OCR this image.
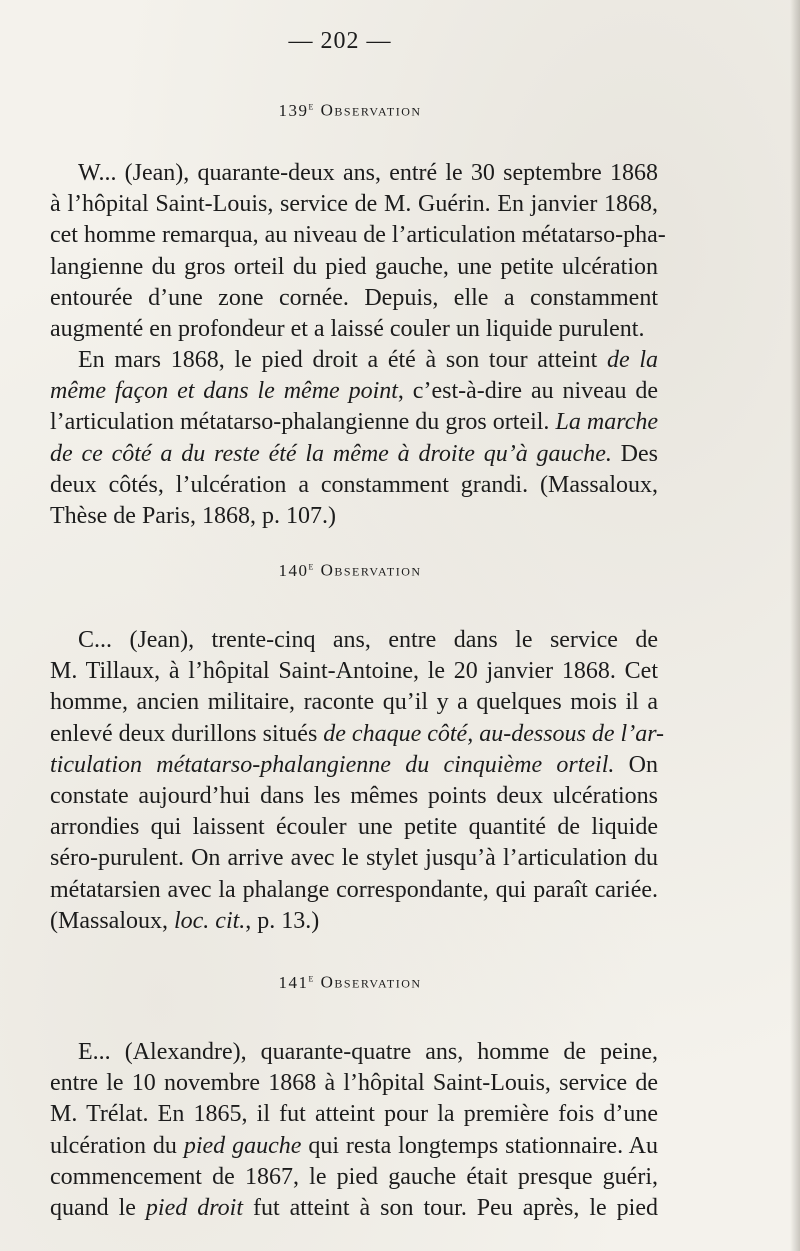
— 202 —
139e Observation
W... (Jean), quarante-deux ans, entré le 30 septembre 1868
à l’hôpital Saint-Louis, service de M. Guérin. En janvier 1868,
cet homme remarqua, au niveau de l’articulation métatarso-pha-
langienne du gros orteil du pied gauche, une petite ulcération
entourée d’une zone cornée. Depuis, elle a constamment
augmenté en profondeur et a laissé couler un liquide purulent.
En mars 1868, le pied droit a été à son tour atteint de la
même façon et dans le même point, c’est-à-dire au niveau de
l’articulation métatarso-phalangienne du gros orteil. La marche
de ce côté a du reste été la même à droite qu’à gauche. Des
deux côtés, l’ulcération a constamment grandi. (Massaloux,
Thèse de Paris, 1868, p. 107.)
140e Observation
C... (Jean), trente-cinq ans, entre dans le service de
M. Tillaux, à l’hôpital Saint-Antoine, le 20 janvier 1868. Cet
homme, ancien militaire, raconte qu’il y a quelques mois il a
enlevé deux durillons situés de chaque côté, au-dessous de l’ar-
ticulation métatarso-phalangienne du cinquième orteil. On
constate aujourd’hui dans les mêmes points deux ulcérations
arrondies qui laissent écouler une petite quantité de liquide
séro-purulent. On arrive avec le stylet jusqu’à l’articulation du
métatarsien avec la phalange correspondante, qui paraît cariée.
(Massaloux, loc. cit., p. 13.)
141e Observation
E... (Alexandre), quarante-quatre ans, homme de peine,
entre le 10 novembre 1868 à l’hôpital Saint-Louis, service de
M. Trélat. En 1865, il fut atteint pour la première fois d’une
ulcération du pied gauche qui resta longtemps stationnaire. Au
commencement de 1867, le pied gauche était presque guéri,
quand le pied droit fut atteint à son tour. Peu après, le pied
